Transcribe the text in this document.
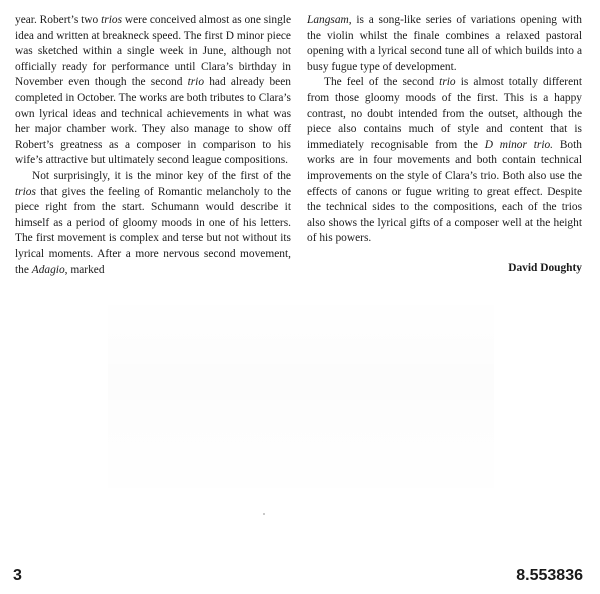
year. Robert’s two trios were conceived almost as one single idea and written at breakneck speed. The first D minor piece was sketched within a single week in June, although not officially ready for performance until Clara’s birthday in November even though the second trio had already been completed in October. The works are both tributes to Clara’s own lyrical ideas and technical achievements in what was her major chamber work. They also manage to show off Robert’s greatness as a composer in comparison to his wife’s attractive but ultimately second league compositions.

Not surprisingly, it is the minor key of the first of the trios that gives the feeling of Romantic melancholy to the piece right from the start. Schumann would describe it himself as a period of gloomy moods in one of his letters. The first movement is complex and terse but not without its lyrical moments. After a more nervous second movement, the Adagio, marked

Langsam, is a song-like series of variations opening with the violin whilst the finale combines a relaxed pastoral opening with a lyrical second tune all of which builds into a busy fugue type of development.

The feel of the second trio is almost totally different from those gloomy moods of the first. This is a happy contrast, no doubt intended from the outset, although the piece also contains much of style and content that is immediately recognisable from the D minor trio. Both works are in four movements and both contain technical improvements on the style of Clara’s trio. Both also use the effects of canons or fugue writing to great effect. Despite the technical sides to the compositions, each of the trios also shows the lyrical gifts of a composer well at the height of his powers.

David Doughty

3	8.553836
